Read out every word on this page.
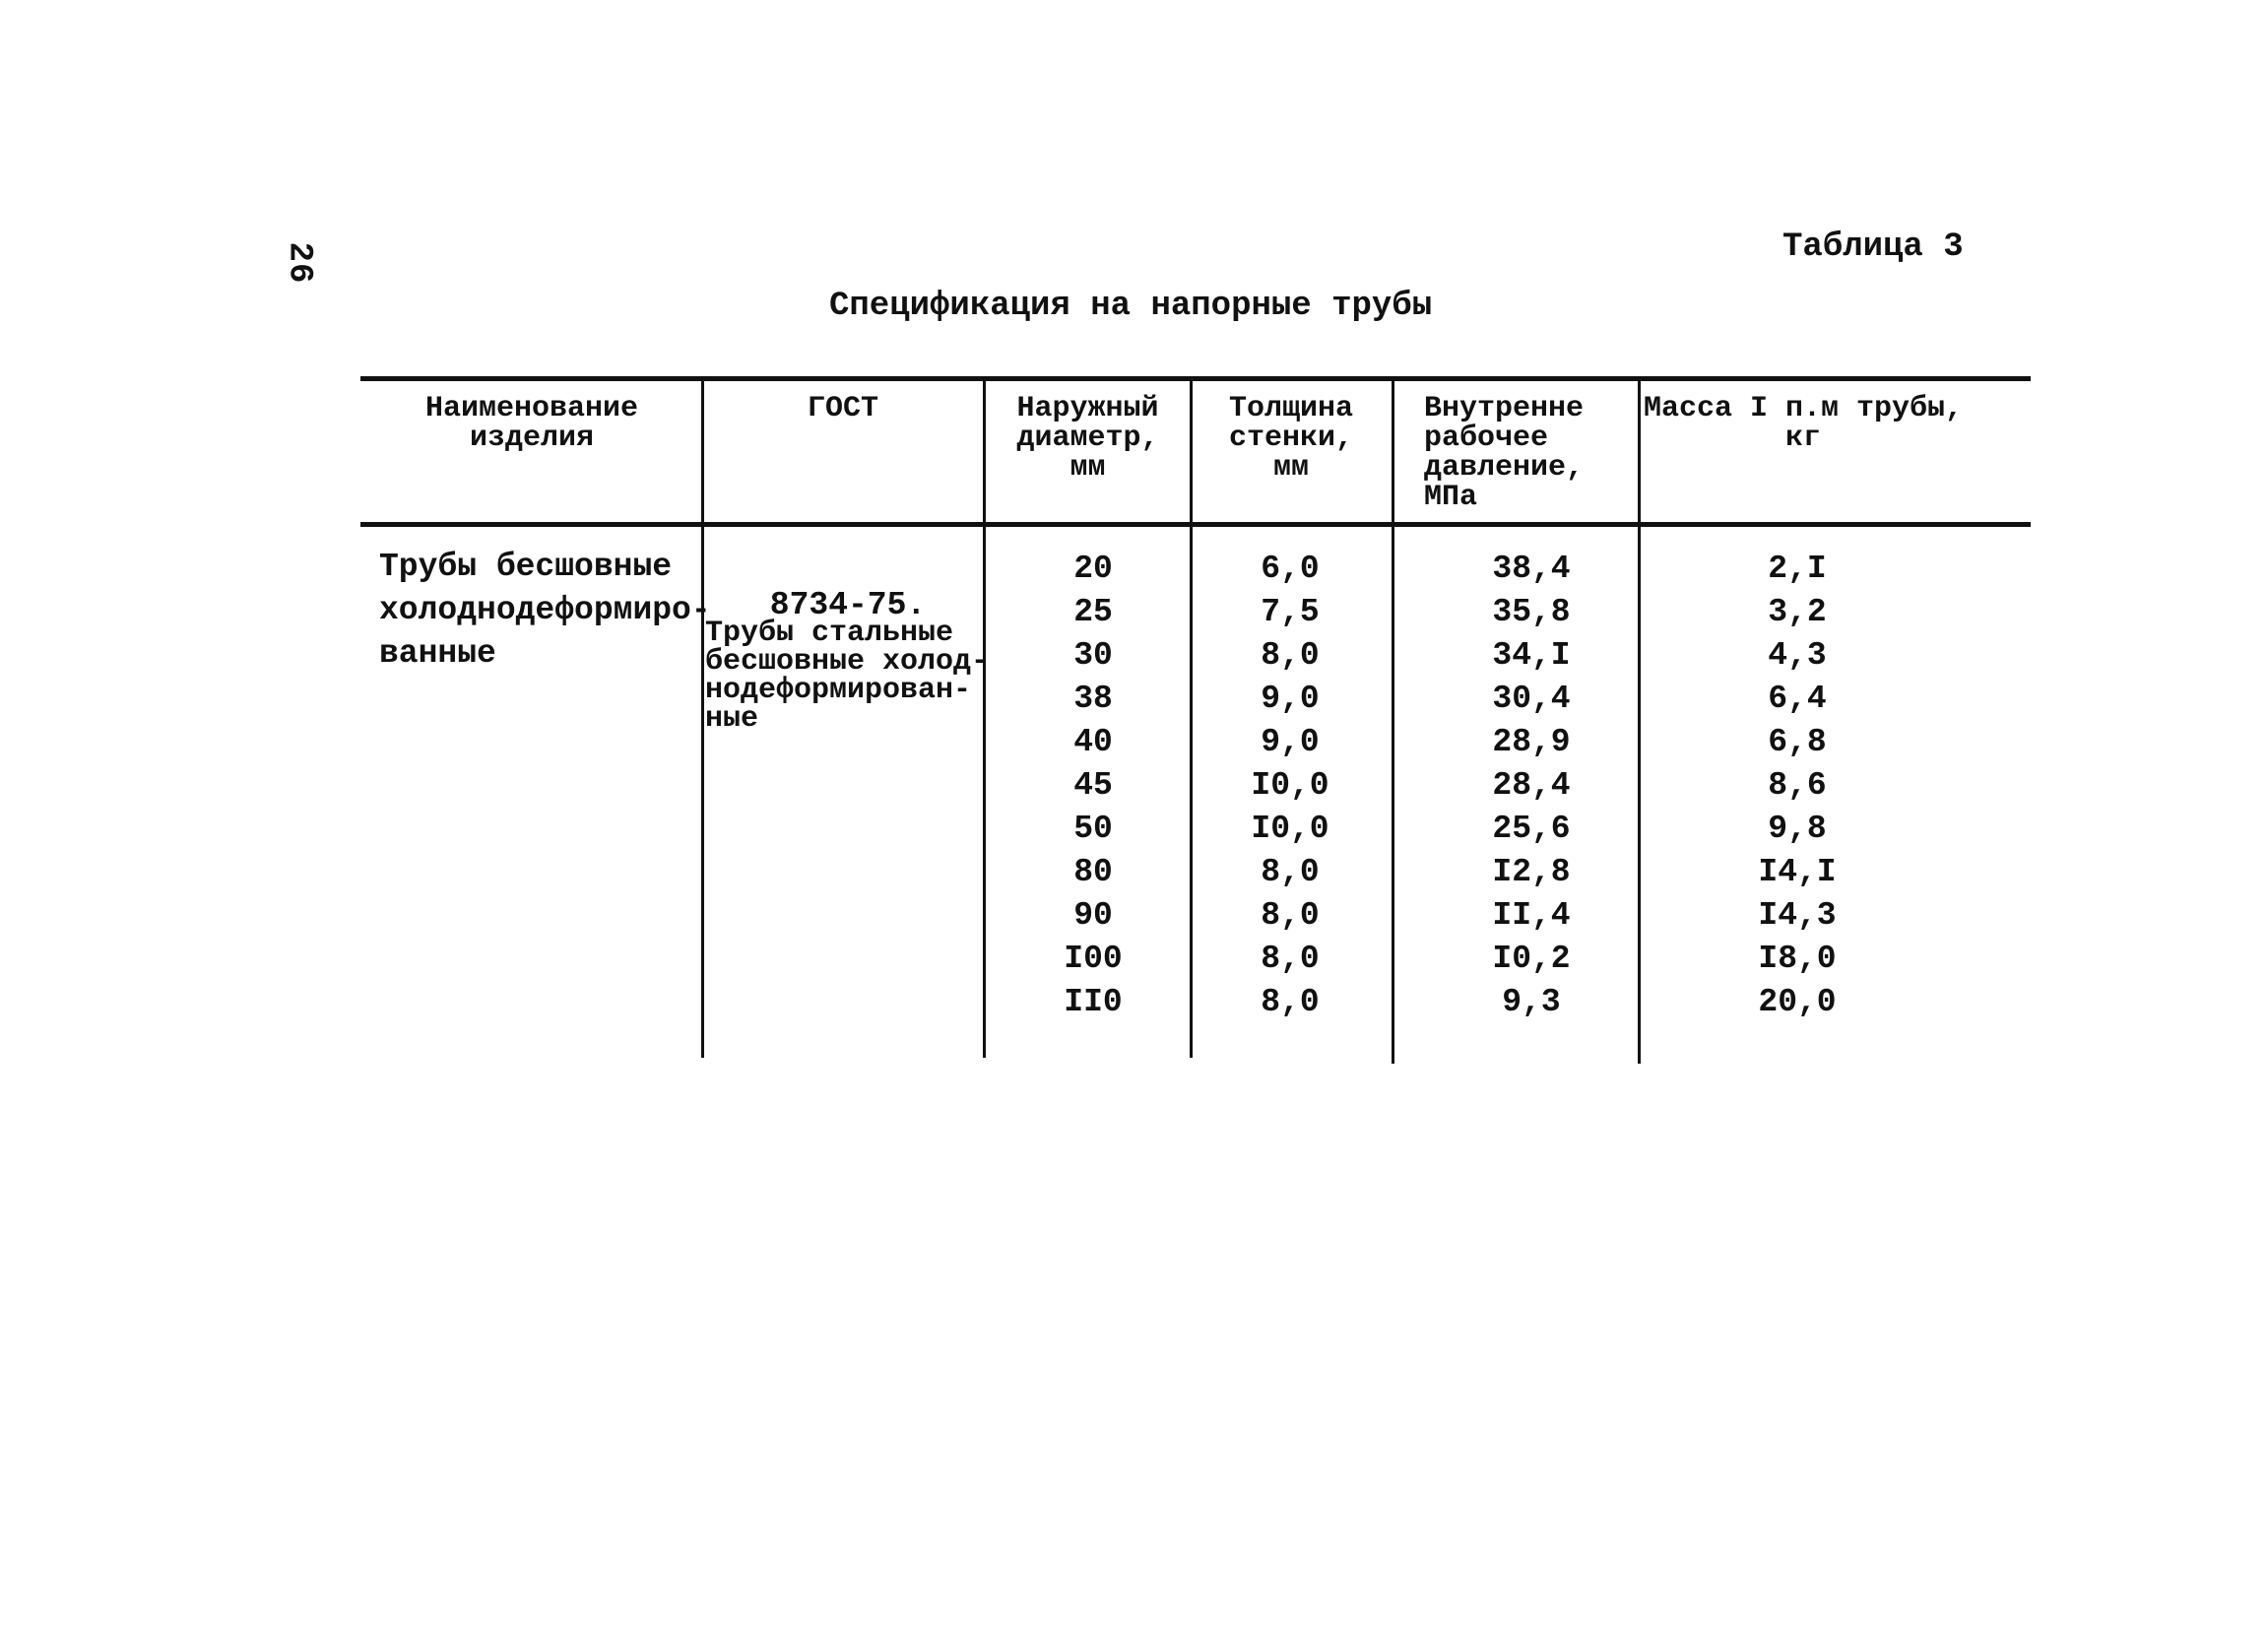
26	Таблица 3
Спецификация на напорные трубы
Наименование
изделия
ГОСТ	Наружный
диаметр,
мм
Толщина
стенки,
мм
Внутренне
рабочее
давление,
МПа
Масса I п.м трубы,
кг
Трубы бесшовные
холоднодеформиро-
ванные
8734-75.
Трубы стальные
бесшовные холод-
нодеформирован-
ные
20
25
30
38
40
45
50
80
90
I00
II0
6,0
7,5
8,0
9,0
9,0
I0,0
I0,0
8,0
8,0
8,0
8,0
38,4
35,8
34,I
30,4
28,9
28,4
25,6
I2,8
II,4
I0,2
9,3
2,I
3,2
4,3
6,4
6,8
8,6
9,8
I4,I
I4,3
I8,0
20,0
